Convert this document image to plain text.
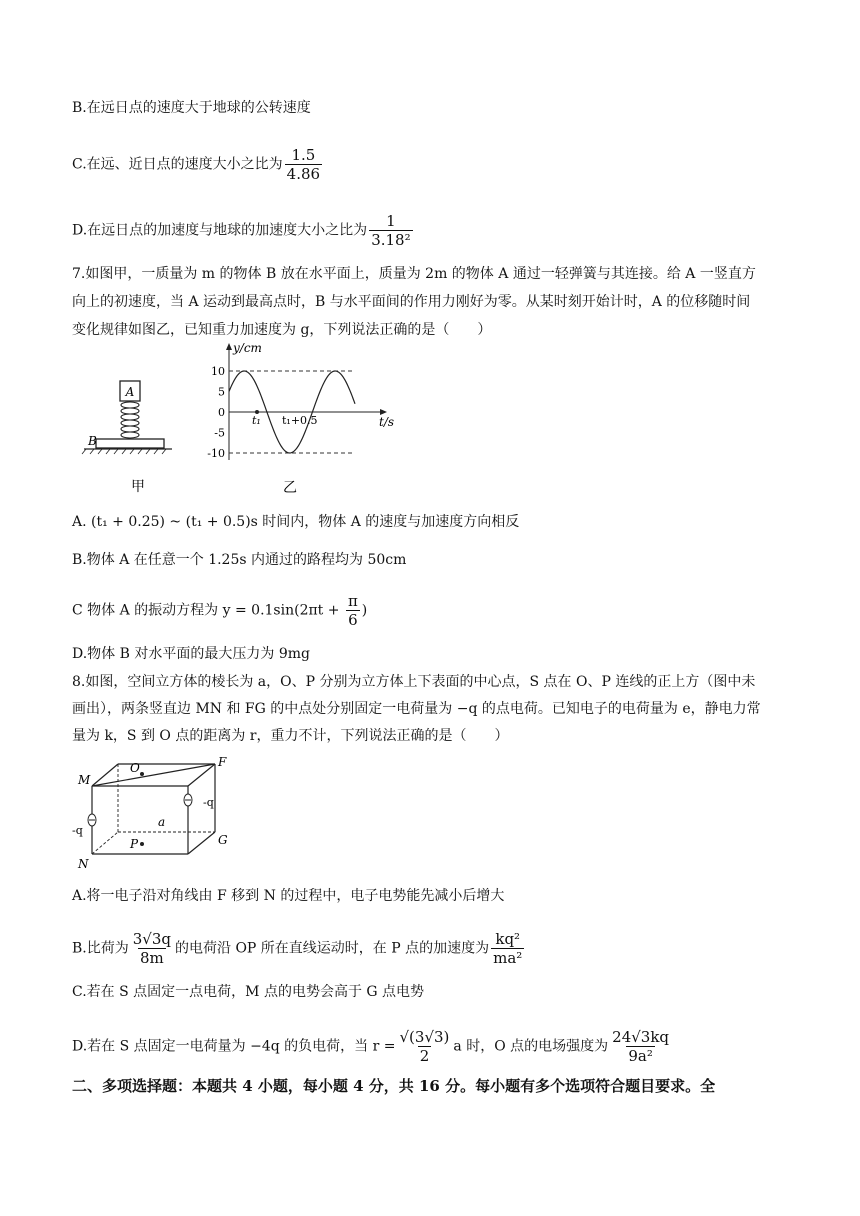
B.在远日点的速度大于地球的公转速度
C.在远、近日点的速度大小之比为 $\frac{1.5}{4.86}$
D.在远日点的加速度与地球的加速度大小之比为 $\frac{1}{\text{3.18²}}$
7.如图甲，一质量为 m 的物体 B 放在水平面上，质量为 2m 的物体 A 通过一轻弹簧与其连接。给 A 一竖直方
向上的初速度，当 A 运动到最高点时，B 与水平面间的作用力刚好为零。从某时刻开始计时，A 的位移随时间
变化规律如图乙，已知重力加速度为 g，下列说法正确的是（　　）
A
B
甲
y/cm
t/s
10
5
0
-5
-10
t₁ t₁+0.5
乙
A. (t₁ + 0.25) ~ (t₁ + 0.5)s 时间内，物体 A 的速度与加速度方向相反
B.物体 A 在任意一个 1.25s 内通过的路程均为 50cm
C 物体 A 的振动方程为 $y = 0.1\sin(2\pi t + \frac{\pi}{6}$ )
D.物体 B 对水平面的最大压力为 9mg
8.如图，空间立方体的棱长为 a，O、P 分别为立方体上下表面的中心点，S 点在 O、P 连线的正上方（图中未
画出），两条竖直边 MN 和 FG 的中点处分别固定一电荷量为 −q 的点电荷。已知电子的电荷量为 e，静电力常
量为 k，S 到 O 点的距离为 r，重力不计，下列说法正确的是（　　）
M
O	F
N
P	G
a
-q
-q
A.将一电子沿对角线由 F 移到 N 的过程中，电子电势能先减小后增大
B.比荷为 $\frac{3√3q}{8m}$ 的电荷沿 OP 所在直线运动时，在 P 点的加速度为 $\frac{\text{kq²}}{\text{ma²}}$
C.若在 S 点固定一点电荷，M 点的电势会高于 G 点电势
D.若在 S 点固定一电荷量为 −4q 的负电荷，当 $r = \frac{√(3√3)}{2}$ a 时，O 点的电场强度为 $\frac{24√3kq}{\text{9a²}}$
二、多项选择题：本题共 4 小题，每小题 4 分，共 16 分。每小题有多个选项符合题目要求。全
